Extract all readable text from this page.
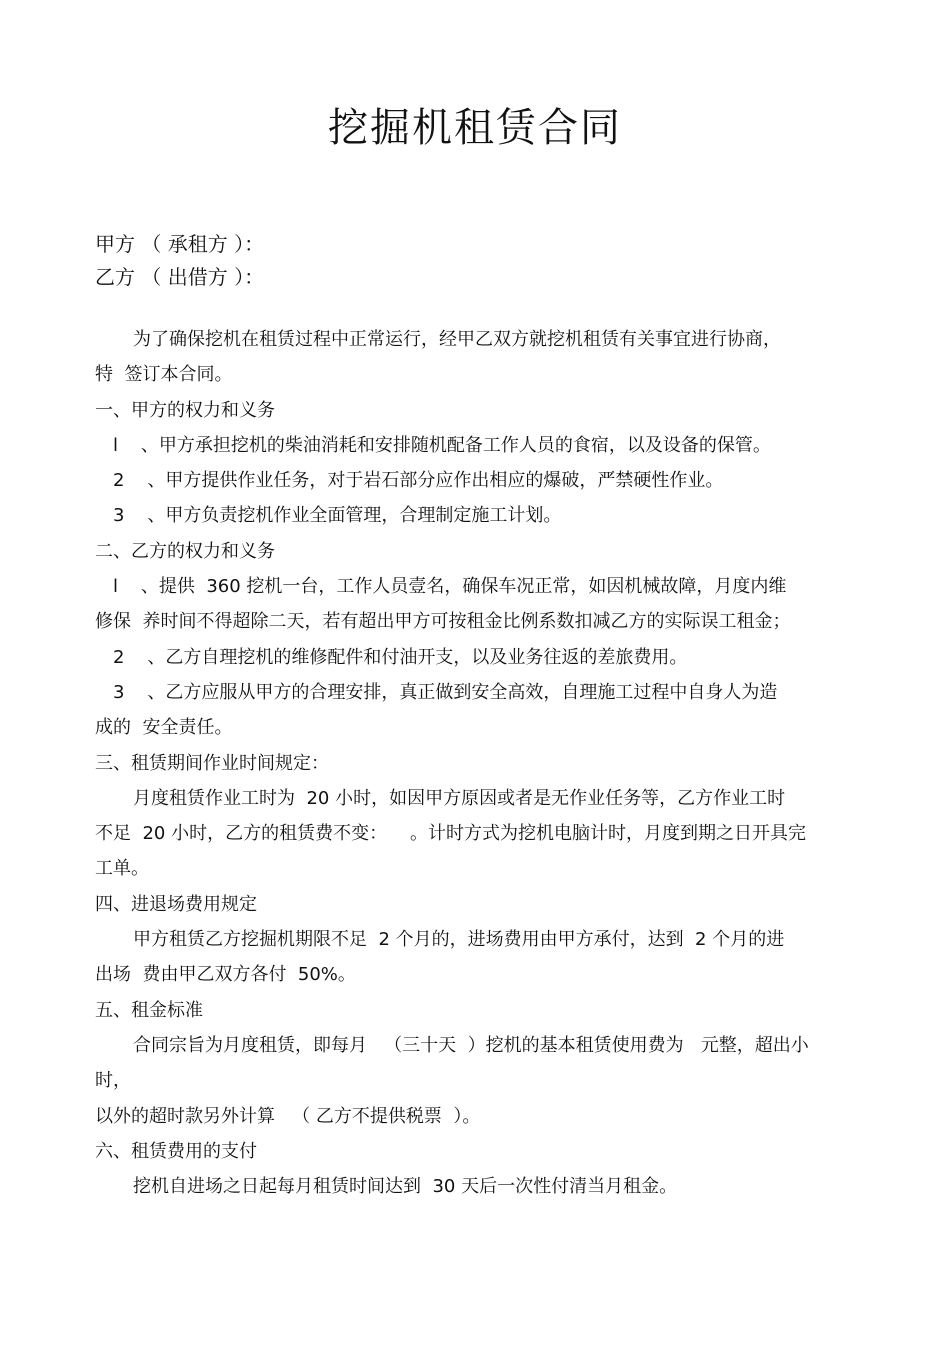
挖掘机租赁合同
甲方 （ 承租方 ）：
乙方 （ 出借方 ）：
为了确保挖机在租赁过程中正常运行，经甲乙双方就挖机租赁有关事宜进行协商，
特  签订本合同。
一、甲方的权力和义务
l    、甲方承担挖机的柴油消耗和安排随机配备工作人员的食宿，以及设备的保管。
2    、甲方提供作业任务，对于岩石部分应作出相应的爆破，严禁硬性作业。
3    、甲方负责挖机作业全面管理，合理制定施工计划。
二、乙方的权力和义务
l    、提供  360 挖机一台，工作人员壹名，确保车况正常，如因机械故障，月度内维
修保  养时间不得超除二天，若有超出甲方可按租金比例系数扣减乙方的实际误工租金；
2    、乙方自理挖机的维修配件和付油开支，以及业务往返的差旅费用。
3    、乙方应服从甲方的合理安排，真正做到安全高效，自理施工过程中自身人为造
成的  安全责任。
三、租赁期间作业时间规定：
月度租赁作业工时为  20 小时，如因甲方原因或者是无作业任务等，乙方作业工时
不足  20 小时，乙方的租赁费不变：    。计时方式为挖机电脑计时，月度到期之日开具完
工单。
四、进退场费用规定
甲方租赁乙方挖掘机期限不足  2 个月的，进场费用由甲方承付，达到  2 个月的进
出场  费由甲乙双方各付  50%。
五、租金标准
合同宗旨为月度租赁，即每月   （三十天  ）挖机的基本租赁使用费为   元整，超出小
时，
以外的超时款另外计算   （ 乙方不提供税票  ）。
六、租赁费用的支付
挖机自进场之日起每月租赁时间达到  30 天后一次性付清当月租金。
